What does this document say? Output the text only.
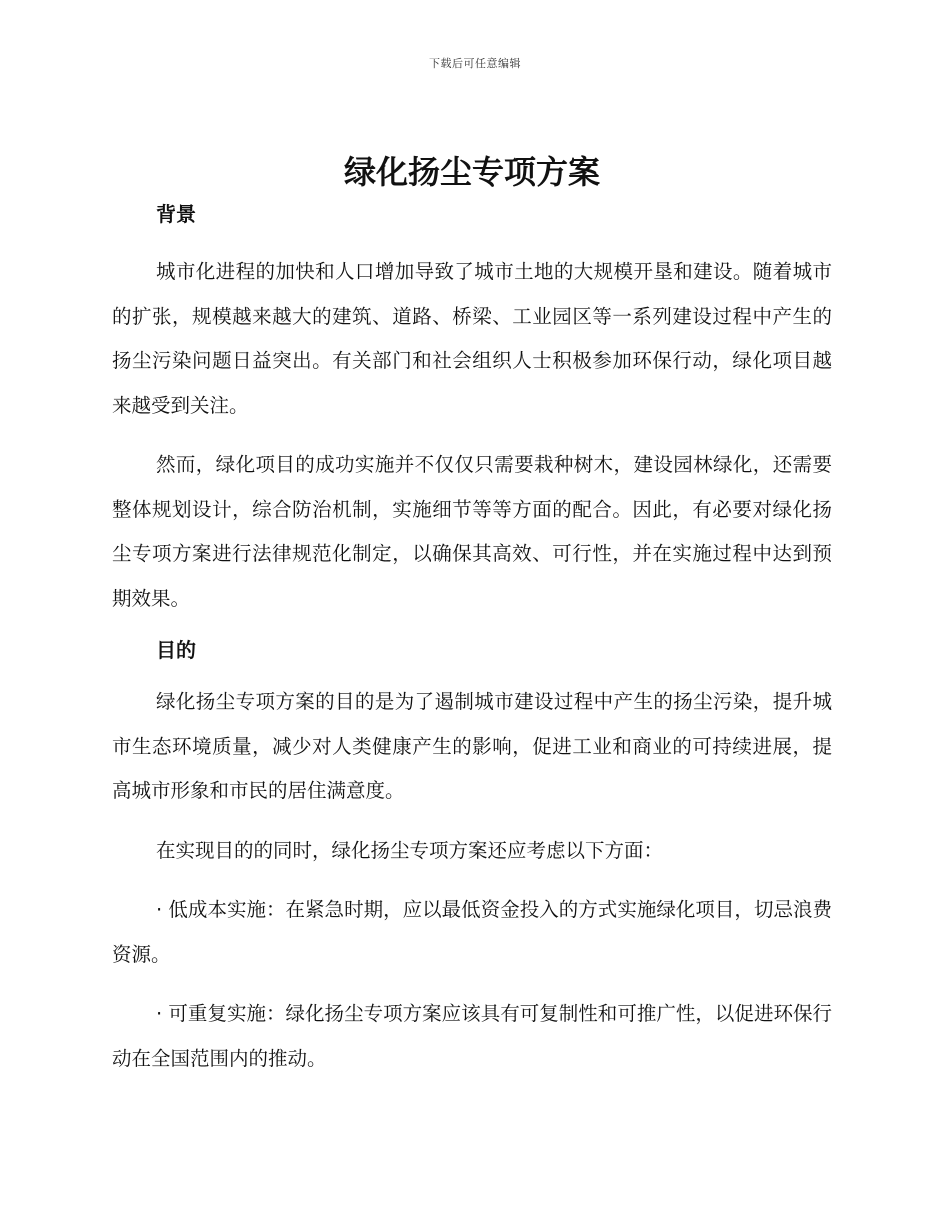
下载后可任意编辑
绿化扬尘专项方案
背景

城市化进程的加快和人口增加导致了城市土地的大规模开垦和建设。随着城市的扩张，规模越来越大的建筑、道路、桥梁、工业园区等一系列建设过程中产生的扬尘污染问题日益突出。有关部门和社会组织人士积极参加环保行动，绿化项目越来越受到关注。

然而，绿化项目的成功实施并不仅仅只需要栽种树木，建设园林绿化，还需要整体规划设计，综合防治机制，实施细节等等方面的配合。因此，有必要对绿化扬尘专项方案进行法律规范化制定，以确保其高效、可行性，并在实施过程中达到预期效果。

目的

绿化扬尘专项方案的目的是为了遏制城市建设过程中产生的扬尘污染，提升城市生态环境质量，减少对人类健康产生的影响，促进工业和商业的可持续进展，提高城市形象和市民的居住满意度。

在实现目的的同时，绿化扬尘专项方案还应考虑以下方面：

· 低成本实施：在紧急时期，应以最低资金投入的方式实施绿化项目，切忌浪费资源。

· 可重复实施：绿化扬尘专项方案应该具有可复制性和可推广性，以促进环保行动在全国范围内的推动。
